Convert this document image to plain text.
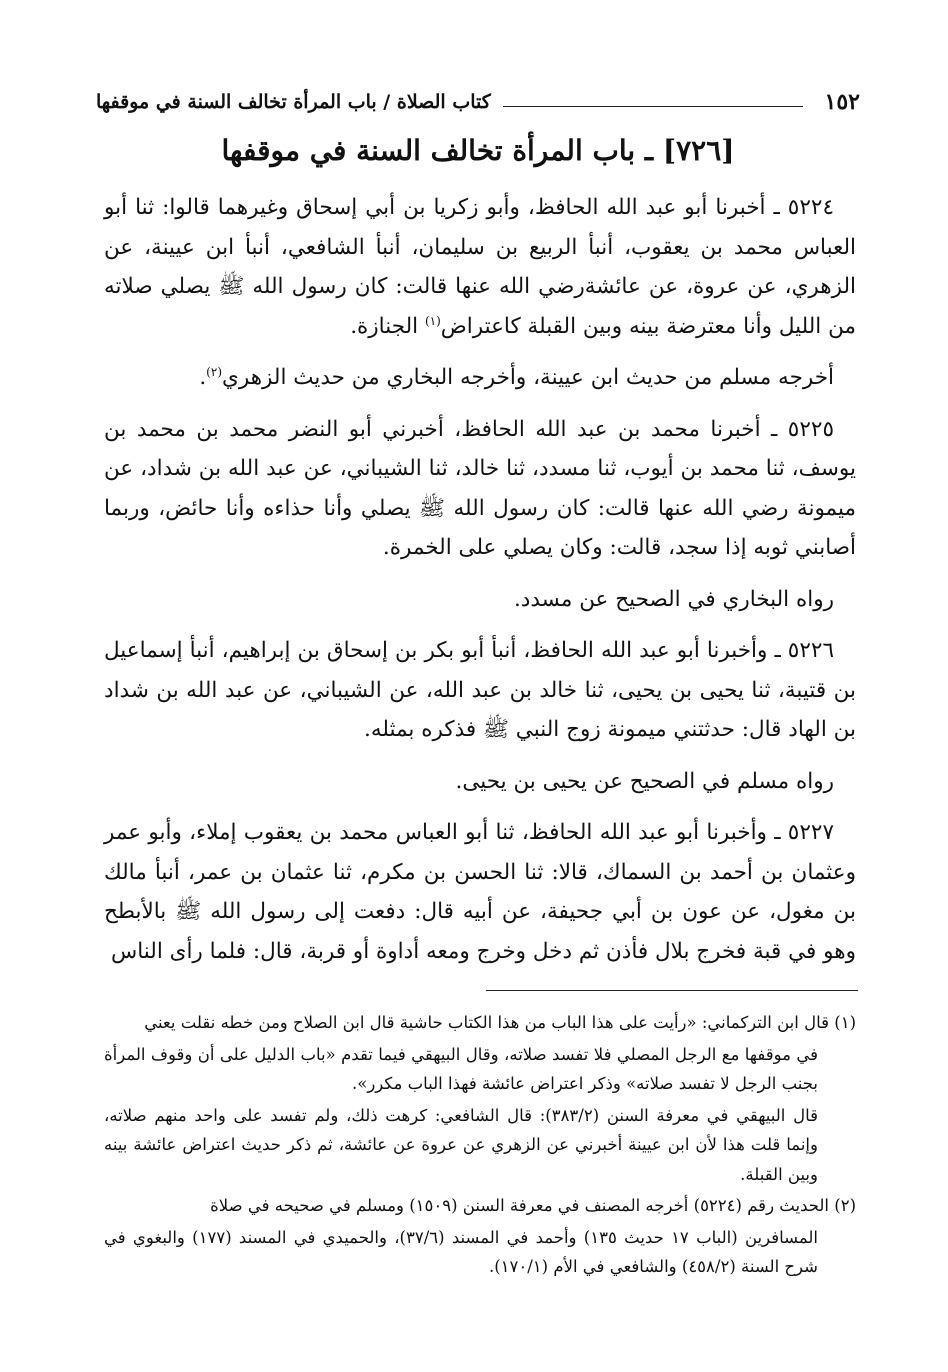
١٥٢
كتاب الصلاة / باب المرأة تخالف السنة في موقفها
[٧٢٦] ـ باب المرأة تخالف السنة في موقفها

٥٢٢٤ ـ أخبرنا أبو عبد الله الحافظ، وأبو زكريا بن أبي إسحاق وغيرهما قالوا: ثنا أبو العباس محمد بن يعقوب، أنبأ الربيع بن سليمان، أنبأ الشافعي، أنبأ ابن عيينة، عن الزهري، عن عروة، عن عائشةرضي الله عنها قالت: كان رسول الله ﷺ يصلي صلاته من الليل وأنا معترضة بينه وبين القبلة كاعتراض$^{(١)}$ الجنازة.

أخرجه مسلم من حديث ابن عيينة، وأخرجه البخاري من حديث الزهري$^{(٢)}$.

٥٢٢٥ ـ أخبرنا محمد بن عبد الله الحافظ، أخبرني أبو النضر محمد بن محمد بن يوسف، ثنا محمد بن أيوب، ثنا مسدد، ثنا خالد، ثنا الشيباني، عن عبد الله بن شداد، عن ميمونة رضي الله عنها قالت: كان رسول الله ﷺ يصلي وأنا حذاءه وأنا حائض، وربما أصابني ثوبه إذا سجد، قالت: وكان يصلي على الخمرة.

رواه البخاري في الصحيح عن مسدد.

٥٢٢٦ ـ وأخبرنا أبو عبد الله الحافظ، أنبأ أبو بكر بن إسحاق بن إبراهيم، أنبأ إسماعيل بن قتيبة، ثنا يحيى بن يحيى، ثنا خالد بن عبد الله، عن الشيباني، عن عبد الله بن شداد بن الهاد قال: حدثتني ميمونة زوج النبي ﷺ فذكره بمثله.

رواه مسلم في الصحيح عن يحيى بن يحيى.

٥٢٢٧ ـ وأخبرنا أبو عبد الله الحافظ، ثنا أبو العباس محمد بن يعقوب إملاء، وأبو عمر وعثمان بن أحمد بن السماك، قالا: ثنا الحسن بن مكرم، ثنا عثمان بن عمر، أنبأ مالك بن مغول، عن عون بن أبي جحيفة، عن أبيه قال: دفعت إلى رسول الله ﷺ بالأبطح وهو في قبة فخرج بلال فأذن ثم دخل وخرج ومعه أداوة أو قربة، قال: فلما رأى الناس

(١) قال ابن التركماني: «رأيت على هذا الباب من هذا الكتاب حاشية قال ابن الصلاح ومن خطه نقلت يعني

في موقفها مع الرجل المصلي فلا تفسد صلاته، وقال البيهقي فيما تقدم «باب الدليل على أن وقوف المرأة بجنب الرجل لا تفسد صلاته» وذكر اعتراض عائشة فهذا الباب مكرر».

قال البيهقي في معرفة السنن (٣٨٣/٢): قال الشافعي: كرهت ذلك، ولم تفسد على واحد منهم صلاته، وإنما قلت هذا لأن ابن عيينة أخبرني عن الزهري عن عروة عن عائشة، ثم ذكر حديث اعتراض عائشة بينه وبين القبلة.

(٢) الحديث رقم (٥٢٢٤) أخرجه المصنف في معرفة السنن (١٥٠٩) ومسلم في صحيحه في صلاة

المسافرين (الباب ١٧ حديث ١٣٥) وأحمد في المسند (٣٧/٦)، والحميدي في المسند (١٧٧) والبغوي في شرح السنة (٤٥٨/٢) والشافعي في الأم (١٧٠/١).
